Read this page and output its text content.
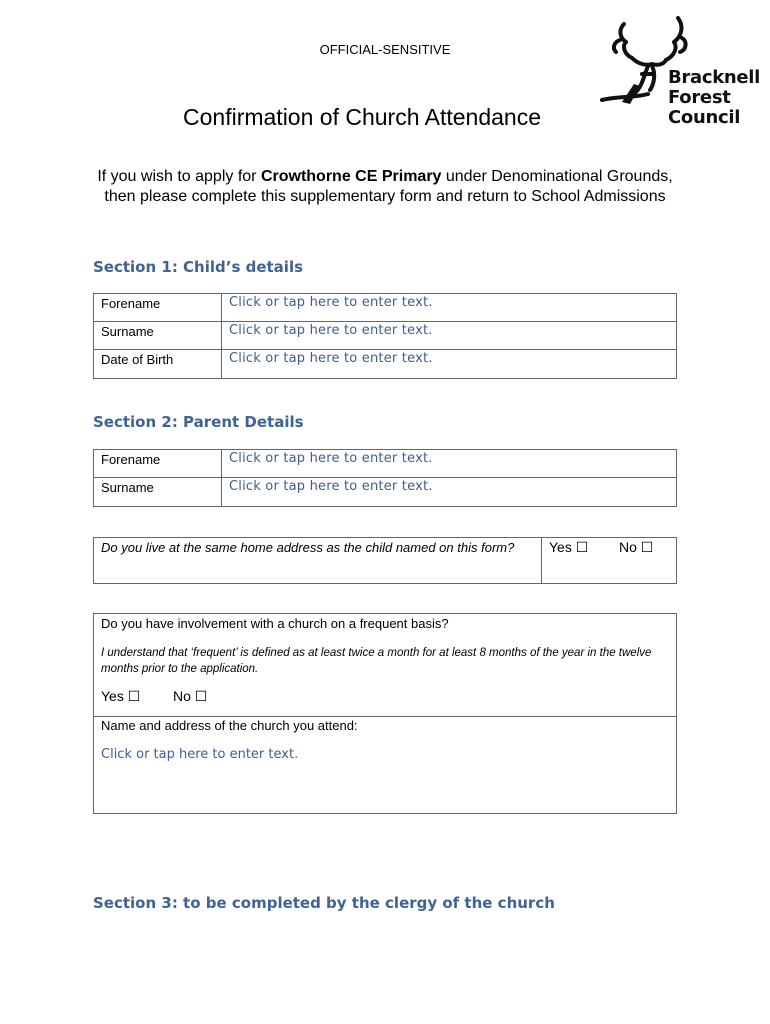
OFFICIAL-SENSITIVE
Bracknell
Forest
Council
Confirmation of Church Attendance
If you wish to apply for Crowthorne CE Primary under Denominational Grounds, then please complete this supplementary form and return to School Admissions
Section 1: Child’s details
Forename	Click or tap here to enter text.
Surname	Click or tap here to enter text.
Date of Birth	Click or tap here to enter text.
Section 2: Parent Details
Forename	Click or tap here to enter text.
Surname	Click or tap here to enter text.
Do you live at the same home address as the child named on this form?	Yes ☐ No ☐
Do you have involvement with a church on a frequent basis?
I understand that ‘frequent’ is defined as at least twice a month for at least 8 months of the year in the twelve months prior to the application.
Yes ☐ No ☐
Name and address of the church you attend:
Click or tap here to enter text.
Section 3: to be completed by the clergy of the church
